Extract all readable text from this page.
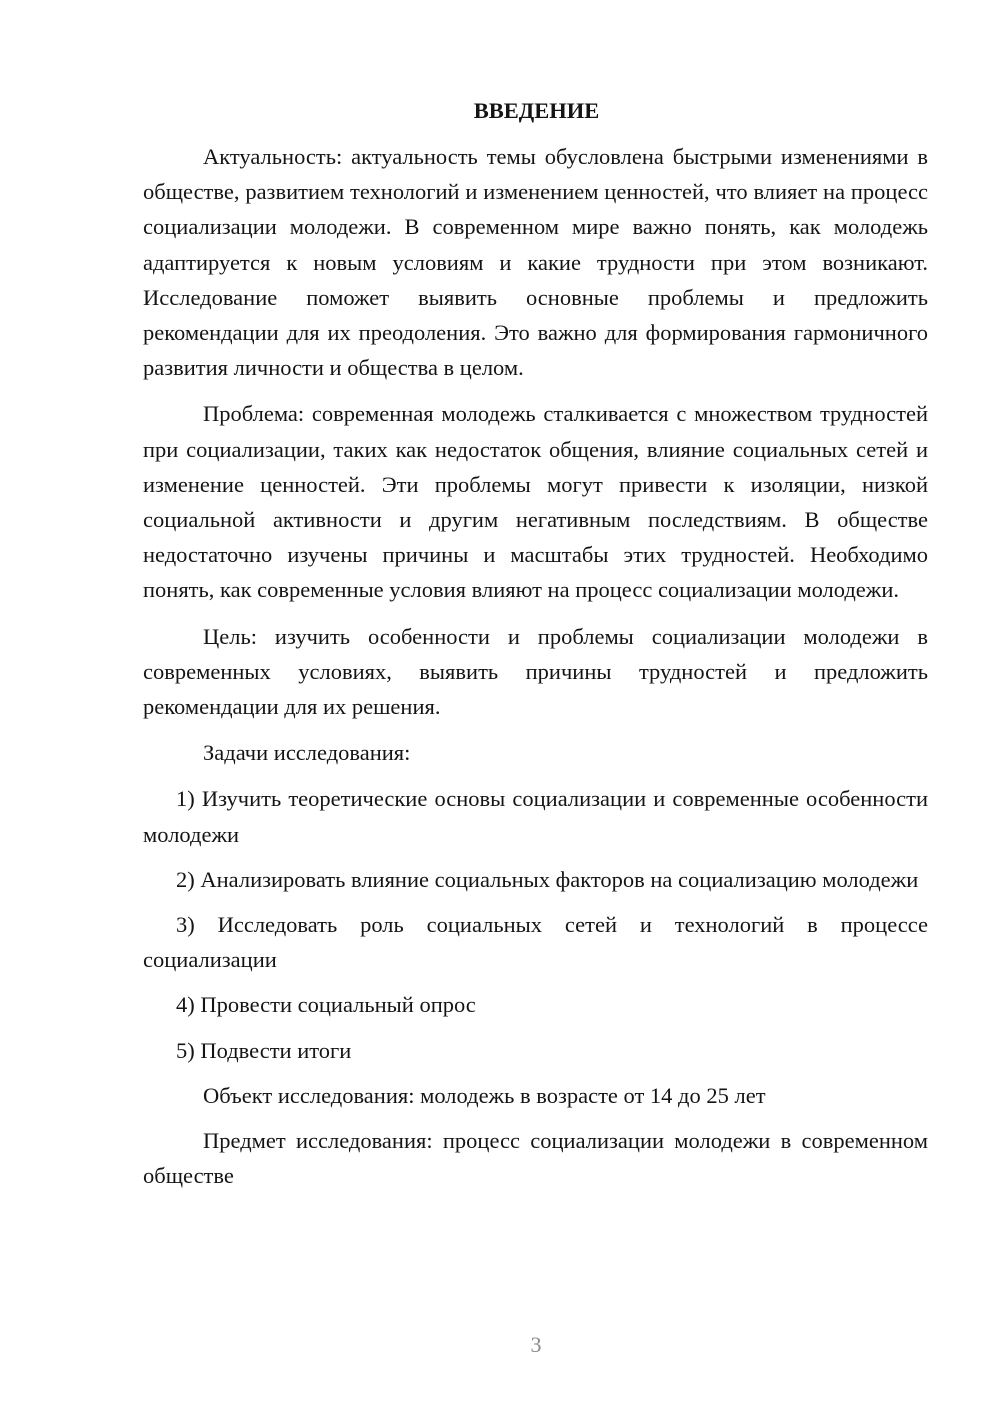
ВВЕДЕНИЕ

Актуальность: актуальность темы обусловлена быстрыми изменениями в обществе, развитием технологий и изменением ценностей, что влияет на процесс социализации молодежи. В современном мире важно понять, как молодежь адаптируется к новым условиям и какие трудности при этом возникают. Исследование поможет выявить основные проблемы и предложить рекомендации для их преодоления. Это важно для формирования гармоничного развития личности и общества в целом.

Проблема: современная молодежь сталкивается с множеством трудностей при социализации, таких как недостаток общения, влияние социальных сетей и изменение ценностей. Эти проблемы могут привести к изоляции, низкой социальной активности и другим негативным последствиям. В обществе недостаточно изучены причины и масштабы этих трудностей. Необходимо понять, как современные условия влияют на процесс социализации молодежи.

Цель: изучить особенности и проблемы социализации молодежи в современных условиях, выявить причины трудностей и предложить рекомендации для их решения.

Задачи исследования:

1) Изучить теоретические основы социализации и современные особенности молодежи

2) Анализировать влияние социальных факторов на социализацию молодежи

3) Исследовать роль социальных сетей и технологий в процессе социализации

4) Провести социальный опрос

5) Подвести итоги

Объект исследования: молодежь в возрасте от 14 до 25 лет

Предмет исследования: процесс социализации молодежи в современном обществе

3
